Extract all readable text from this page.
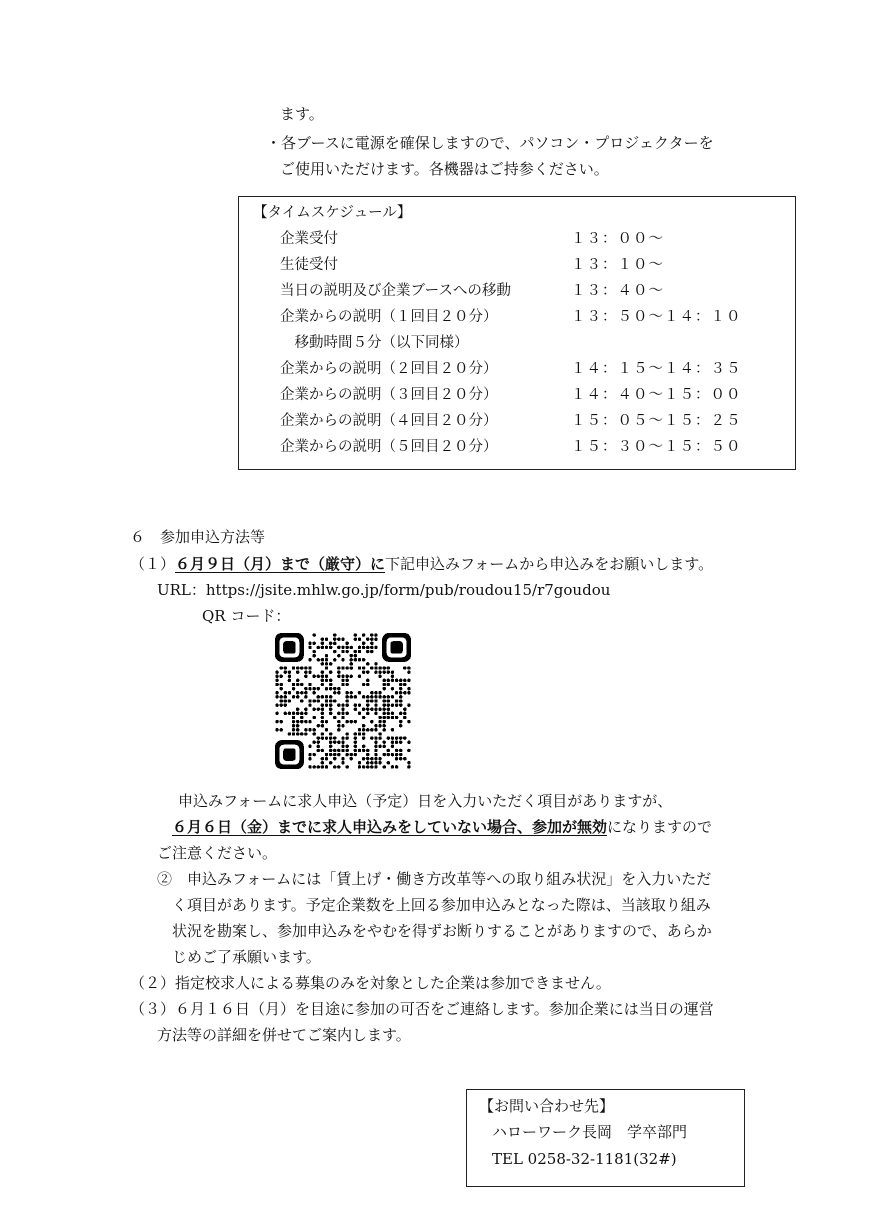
ます。
・各ブースに電源を確保しますので、パソコン・プロジェクターを
ご使用いただけます。各機器はご持参ください。
【タイムスケジュール】
企業受付	１３：００～
生徒受付	１３：１０～
当日の説明及び企業ブースへの移動	１３：４０～
企業からの説明（１回目２０分）	１３：５０～１４：１０
　移動時間５分（以下同様）
企業からの説明（２回目２０分）	１４：１５～１４：３５
企業からの説明（３回目２０分）	１４：４０～１５：００
企業からの説明（４回目２０分）	１５：０５～１５：２５
企業からの説明（５回目２０分）	１５：３０～１５：５０
６　参加申込方法等
（１）６月９日（月）まで（厳守）に下記申込みフォームから申込みをお願いします。
URL：https://jsite.mhlw.go.jp/form/pub/roudou15/r7goudou
QR コード：
申込みフォームに求人申込（予定）日を入力いただく項目がありますが、
６月６日（金）までに求人申込みをしていない場合、参加が無効になりますので
ご注意ください。
②　申込みフォームには「賃上げ・働き方改革等への取り組み状況」を入力いただ
く項目があります。予定企業数を上回る参加申込みとなった際は、当該取り組み
状況を勘案し、参加申込みをやむを得ずお断りすることがありますので、あらか
じめご了承願います。
（２）指定校求人による募集のみを対象とした企業は参加できません。
（３）６月１６日（月）を目途に参加の可否をご連絡します。参加企業には当日の運営
方法等の詳細を併せてご案内します。
【お問い合わせ先】
ハローワーク長岡　学卒部門
TEL 0258-32-1181(32#)
